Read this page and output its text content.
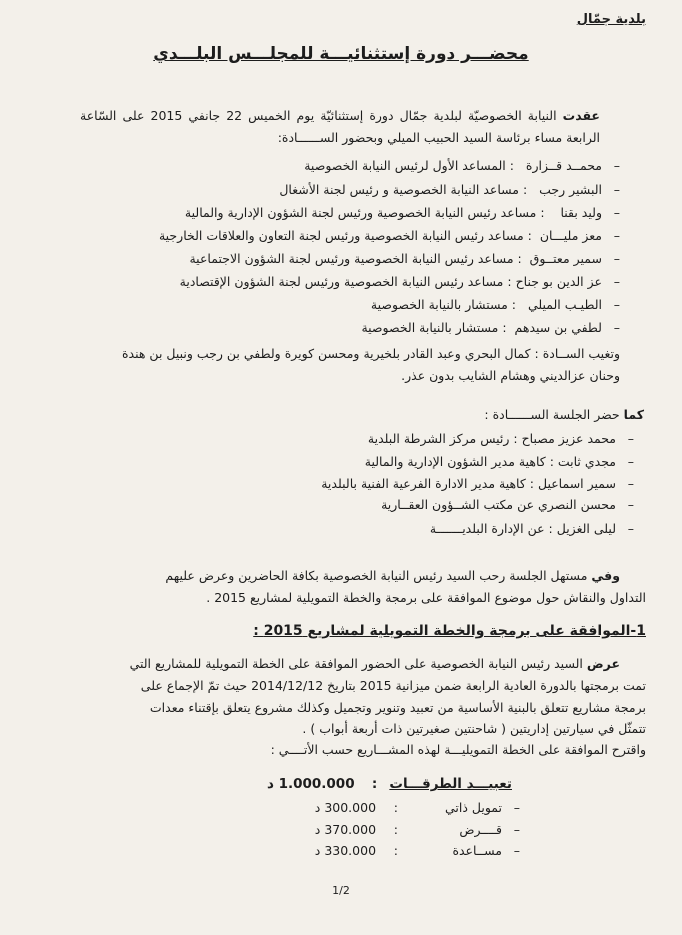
بلدية جمّال
محضـــر دورة إستثنائيـــة للمجلـــس البلـــدي
عقدت النيابة الخصوصيّة لبلدية جمّال دورة إستثنائيّة يوم الخميس 22 جانفي 2015 على السّاعة الرابعة مساء برئاسة السيد الحبيب الميلي وبحضور الســــــادة:
–محمــد قــزارة   : المساعد الأول لرئيس النيابة الخصوصية
–البشير رجب   : مساعد النيابة الخصوصية و رئيس لجنة الأشغال
–وليد بقنا    : مساعد رئيس النيابة الخصوصية ورئيس لجنة الشؤون الإدارية والمالية
–معز مليـــان  : مساعد رئيس النيابة الخصوصية ورئيس لجنة التعاون والعلاقات الخارجية
–سمير معتــوق  : مساعد رئيس النيابة الخصوصية ورئيس لجنة الشؤون الاجتماعية
–عز الدين بو جناح : مساعد رئيس النيابة الخصوصية ورئيس لجنة الشؤون الإقتصادية
–الطيـب الميلي   : مستشار بالنيابة الخصوصية
–لطفي بن سيدهم  : مستشار بالنيابة الخصوصية
وتغيب الســادة : كمال البحري وعبد القادر بلخيرية ومحسن كويرة ولطفي بن رجب ونبيل بن هندة
وحنان عزالديني وهشام الشايب بدون عذر.
كما حضر الجلسة الســــــادة :
–محمد عزيز مصباح : رئيس مركز الشرطة البلدية
–مجدي ثابت : كاهية مدير الشؤون الإدارية والمالية
–سمير اسماعيل : كاهية مدير الادارة الفرعية الفنية بالبلدية
–محسن النصري عن مكتب الشــؤون العقــارية
–ليلى الغزيل : عن الإدارة البلديـــــــة
وفي مستهل الجلسة رحب السيد رئيس النيابة الخصوصية بكافة الحاضرين وعرض عليهم
التداول والنقاش حول موضوع الموافقة على برمجة والخطة التمويلية لمشاريع 2015 .
1-الموافقة على برمجة والخطة التمويلية لمشاريع 2015 :
عرض السيد رئيس النيابة الخصوصية على الحضور الموافقة على الخطة التمويلية للمشاريع التي
تمت برمجتها بالدورة العادية الرابعة ضمن ميزانية 2015 بتاريخ 2014/12/12 حيث تمّ الإجماع على
برمجة مشاريع تتعلق بالبنية الأساسية من تعبيد وتنوير وتجميل وكذلك مشروع يتعلق بإقتناء معدات
تتمثّل في سيارتين إداريتين ( شاحنتين صغيرتين ذات أربعة أبواب ) .
واقترح الموافقة على الخطة التمويليـــة لهذه المشـــاريع حسب الأتــــي :
تعبيـــد الطرقـــات : 1.000.000 د
–تمويل ذاتي : 300.000 د
–قــــرض : 370.000 د
–مســاعدة : 330.000 د
1/2
